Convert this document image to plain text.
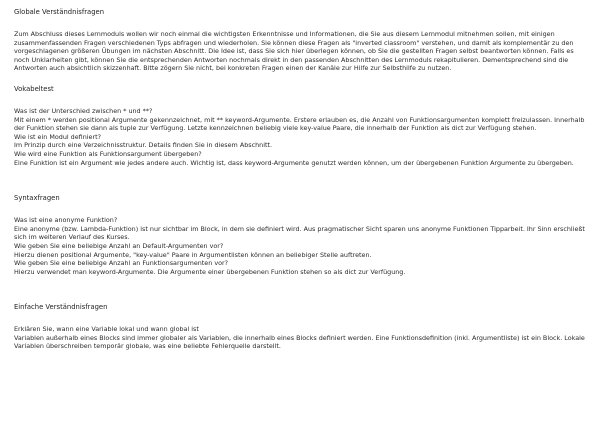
Globale Verständnisfragen

Zum Abschluss dieses Lernmoduls wollen wir noch einmal die wichtigsten Erkenntnisse und Informationen, die Sie aus diesem Lernmodul mitnehmen sollen, mit einigen zusammenfassenden Fragen verschiedenen Typs abfragen und wiederholen. Sie können diese Fragen als "inverted classroom" verstehen, und damit als komplementär zu den vorgeschlagenen größeren Übungen im nächsten Abschnitt. Die Idee ist, dass Sie sich hier überlegen können, ob Sie die gestellten Fragen selbst beantworten können. Falls es noch Unklarheiten gibt, können Sie die entsprechenden Antworten nochmals direkt in den passenden Abschnitten des Lernmoduls rekapitulieren. Dementsprechend sind die Antworten auch absichtlich skizzenhaft. Bitte zögern Sie nicht, bei konkreten Fragen einen der Kanäle zur Hilfe zur Selbsthilfe zu nutzen.

Vokabeltest

Was ist der Unterschied zwischen * und **?

Mit einem * werden positional Argumente gekennzeichnet, mit ** keyword-Argumente. Erstere erlauben es, die Anzahl von Funktionsargumenten komplett freizulassen. Innerhalb der Funktion stehen sie dann als tuple zur Verfügung. Letzte kennzeichnen beliebig viele key-value Paare, die innerhalb der Funktion als dict zur Verfügung stehen.

Wie ist ein Modul definiert?

Im Prinzip durch eine Verzeichnisstruktur. Details finden Sie in diesem Abschnitt.

Wie wird eine Funktion als Funktionsargument übergeben?

Eine Funktion ist ein Argument wie jedes andere auch. Wichtig ist, dass keyword-Argumente genutzt werden können, um der übergebenen Funktion Argumente zu übergeben.

Syntaxfragen

Was ist eine anonyme Funktion?

Eine anonyme (bzw. Lambda-Funktion) ist nur sichtbar im Block, in dem sie definiert wird. Aus pragmatischer Sicht sparen uns anonyme Funktionen Tipparbeit. Ihr Sinn erschließt sich im weiteren Verlauf des Kurses.

Wie geben Sie eine beliebige Anzahl an Default-Argumenten vor?

Hierzu dienen positional Argumente, "key-value" Paare in Argumentlisten können an beliebiger Stelle auftreten.

Wie geben Sie eine beliebige Anzahl an Funktionsargumenten vor?

Hierzu verwendet man keyword-Argumente. Die Argumente einer übergebenen Funktion stehen so als dict zur Verfügung.

Einfache Verständnisfragen

Erklären Sie, wann eine Variable lokal und wann global ist

Variablen außerhalb eines Blocks sind immer globaler als Variablen, die innerhalb eines Blocks definiert werden. Eine Funktionsdefinition (inkl. Argumentliste) ist ein Block. Lokale Variablen überschreiben temporär globale, was eine beliebte Fehlerquelle darstellt.
